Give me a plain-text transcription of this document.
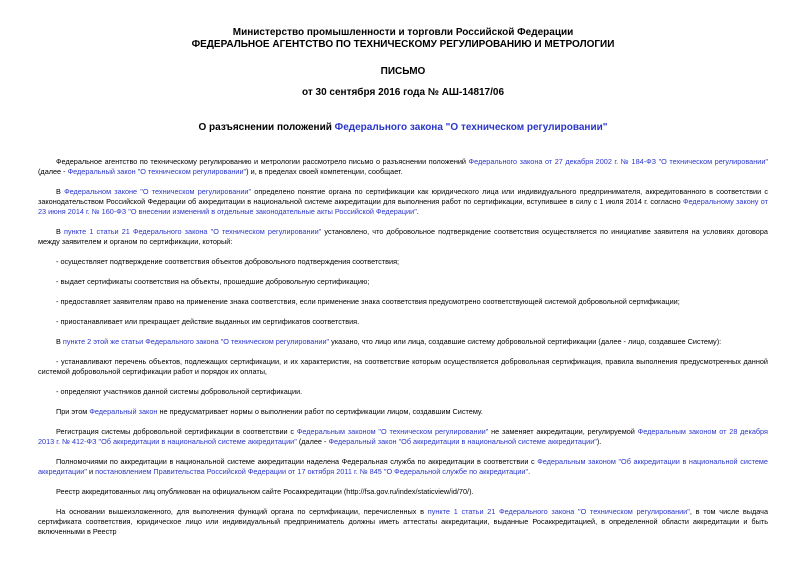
Министерство промышленности и торговли Российской Федерации
ФЕДЕРАЛЬНОЕ АГЕНТСТВО ПО ТЕХНИЧЕСКОМУ РЕГУЛИРОВАНИЮ И МЕТРОЛОГИИ
ПИСЬМО
от 30 сентября 2016 года № АШ-14817/06
О разъяснении положений Федерального закона "О техническом регулировании"
Федеральное агентство по техническому регулированию и метрологии рассмотрело письмо о разъяснении положений Федерального закона от 27 декабря 2002 г. № 184-ФЗ "О техническом регулировании" (далее - Федеральный закон "О техническом регулировании") и, в пределах своей компетенции, сообщает.
В Федеральном законе "О техническом регулировании" определено понятие органа по сертификации как юридического лица или индивидуального предпринимателя, аккредитованного в соответствии с законодательством Российской Федерации об аккредитации в национальной системе аккредитации для выполнения работ по сертификации, вступившее в силу с 1 июля 2014 г. согласно Федеральному закону от 23 июня 2014 г. № 160-ФЗ "О внесении изменений в отдельные законодательные акты Российской Федерации".
В пункте 1 статьи 21 Федерального закона "О техническом регулировании" установлено, что добровольное подтверждение соответствия осуществляется по инициативе заявителя на условиях договора между заявителем и органом по сертификации, который:
- осуществляет подтверждение соответствия объектов добровольного подтверждения соответствия;
- выдает сертификаты соответствия на объекты, прошедшие добровольную сертификацию;
- предоставляет заявителям право на применение знака соответствия, если применение знака соответствия предусмотрено соответствующей системой добровольной сертификации;
- приостанавливает или прекращает действие выданных им сертификатов соответствия.
В пункте 2 этой же статьи Федерального закона "О техническом регулировании" указано, что лицо или лица, создавшие систему добровольной сертификации (далее - лицо, создавшее Систему):
- устанавливают перечень объектов, подлежащих сертификации, и их характеристик, на соответствие которым осуществляется добровольная сертификация, правила выполнения предусмотренных данной системой добровольной сертификации работ и порядок их оплаты,
- определяют участников данной системы добровольной сертификации.
При этом Федеральный закон не предусматривает нормы о выполнении работ по сертификации лицом, создавшим Систему.
Регистрация системы добровольной сертификации в соответствии с Федеральным законом "О техническом регулировании" не заменяет аккредитации, регулируемой Федеральным законом от 28 декабря 2013 г. № 412-ФЗ "Об аккредитации в национальной системе аккредитации" (далее - Федеральный закон "Об аккредитации в национальной системе аккредитации").
Полномочиями по аккредитации в национальной системе аккредитации наделена Федеральная служба по аккредитации в соответствии с Федеральным законом "Об аккредитации в национальной системе аккредитации" и постановлением Правительства Российской Федерации от 17 октября 2011 г. № 845 "О Федеральной службе по аккредитации".
Реестр аккредитованных лиц опубликован на официальном сайте Росаккредитации (http://fsa.gov.ru/index/staticview/id/70/).
На основании вышеизложенного, для выполнения функций органа по сертификации, перечисленных в пункте 1 статьи 21 Федерального закона "О техническом регулировании", в том числе выдача сертификата соответствия, юридическое лицо или индивидуальный предприниматель должны иметь аттестаты аккредитации, выданные Росаккредитацией, в определенной области аккредитации и быть включенными в Реестр
